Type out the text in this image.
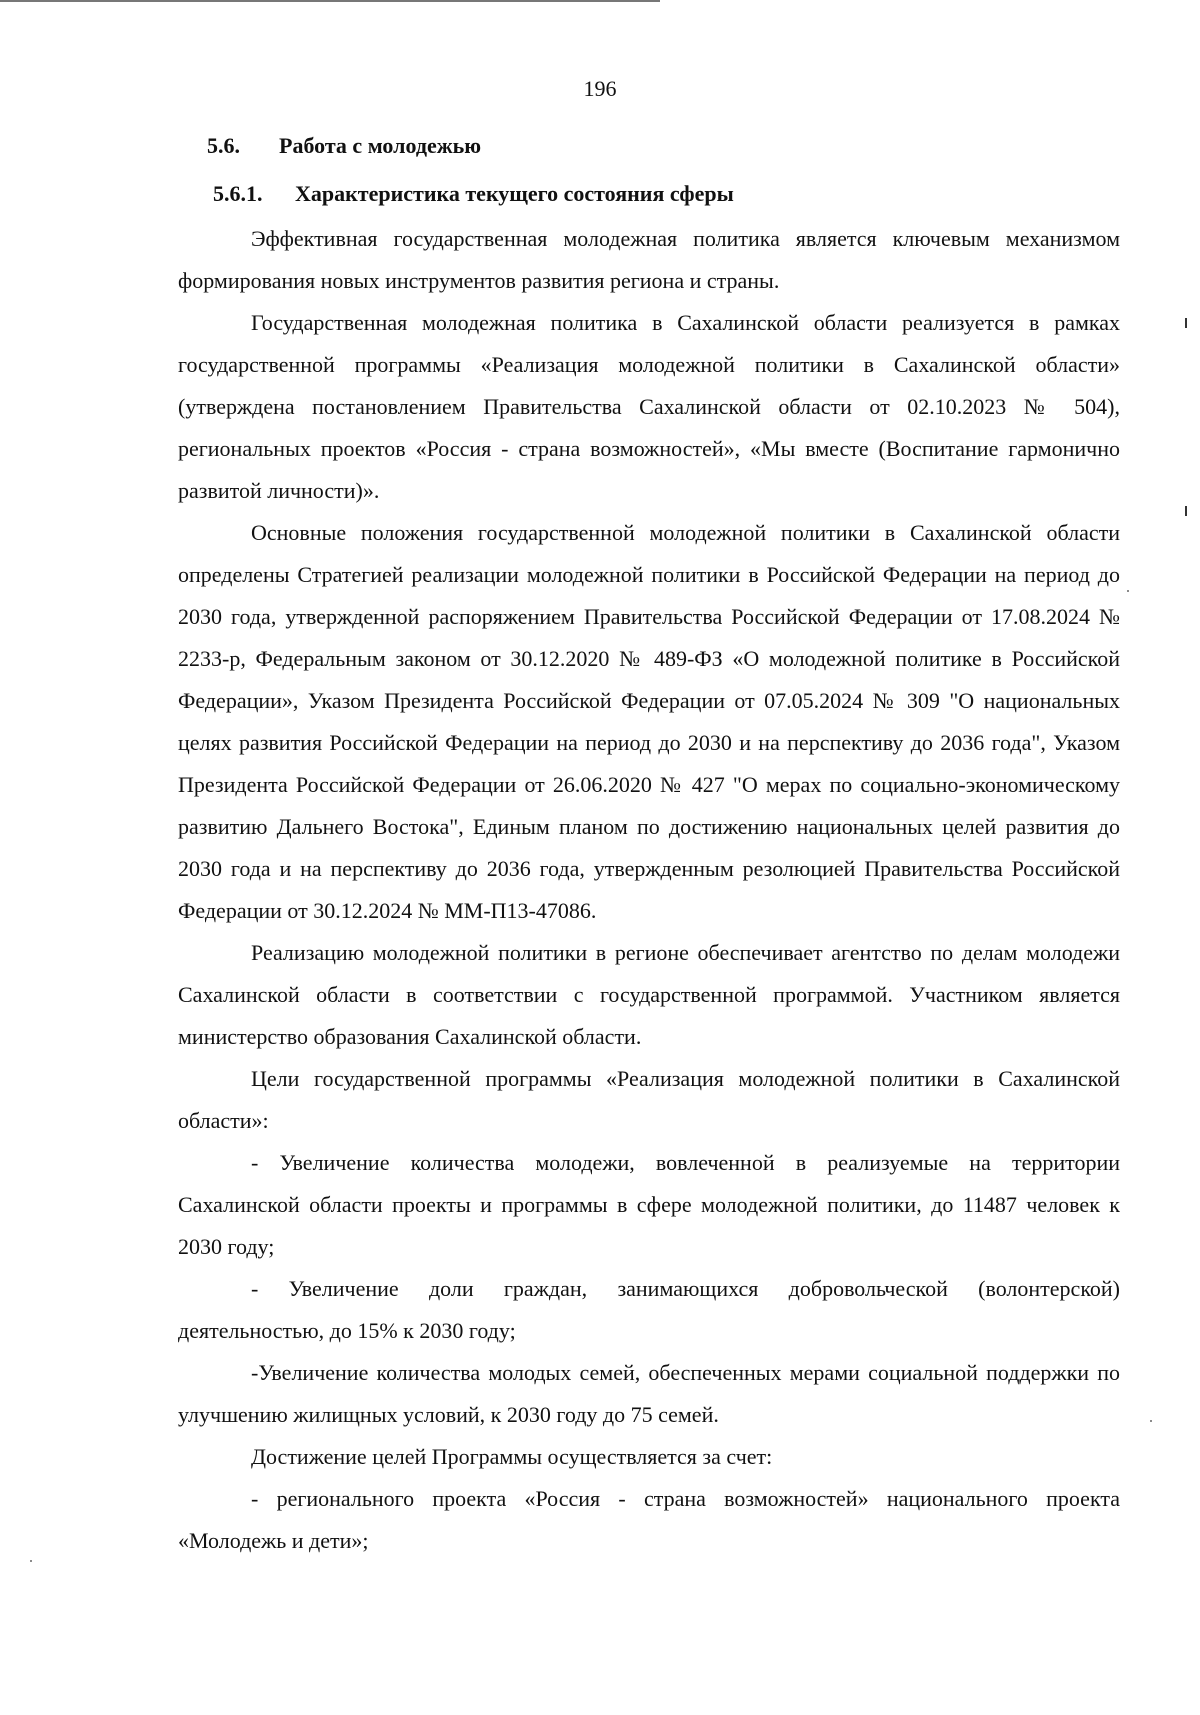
196
5.6. Работа с молодежью
5.6.1. Характеристика текущего состояния сферы

Эффективная государственная молодежная политика является ключевым механизмом формирования новых инструментов развития региона и страны.

Государственная молодежная политика в Сахалинской области реализуется в рамках государственной программы «Реализация молодежной политики в Сахалинской области» (утверждена постановлением Правительства Сахалинской области от 02.10.2023 № 504), региональных проектов «Россия - страна возможностей», «Мы вместе (Воспитание гармонично развитой личности)».

Основные положения государственной молодежной политики в Сахалинской области определены Стратегией реализации молодежной политики в Российской Федерации на период до 2030 года, утвержденной распоряжением Правительства Российской Федерации от 17.08.2024 № 2233-р, Федеральным законом от 30.12.2020 № 489-ФЗ «О молодежной политике в Российской Федерации», Указом Президента Российской Федерации от 07.05.2024 № 309 "О национальных целях развития Российской Федерации на период до 2030 и на перспективу до 2036 года", Указом Президента Российской Федерации от 26.06.2020 № 427 "О мерах по социально-экономическому развитию Дальнего Востока", Единым планом по достижению национальных целей развития до 2030 года и на перспективу до 2036 года, утвержденным резолюцией Правительства Российской Федерации от 30.12.2024 № ММ-П13-47086.

Реализацию молодежной политики в регионе обеспечивает агентство по делам молодежи Сахалинской области в соответствии с государственной программой. Участником является министерство образования Сахалинской области.

Цели государственной программы «Реализация молодежной политики в Сахалинской области»:

- Увеличение количества молодежи, вовлеченной в реализуемые на территории Сахалинской области проекты и программы в сфере молодежной политики, до 11487 человек к 2030 году;

- Увеличение доли граждан, занимающихся добровольческой (волонтерской) деятельностью, до 15% к 2030 году;

-Увеличение количества молодых семей, обеспеченных мерами социальной поддержки по улучшению жилищных условий, к 2030 году до 75 семей.

Достижение целей Программы осуществляется за счет:

- регионального проекта «Россия - страна возможностей» национального проекта «Молодежь и дети»;
